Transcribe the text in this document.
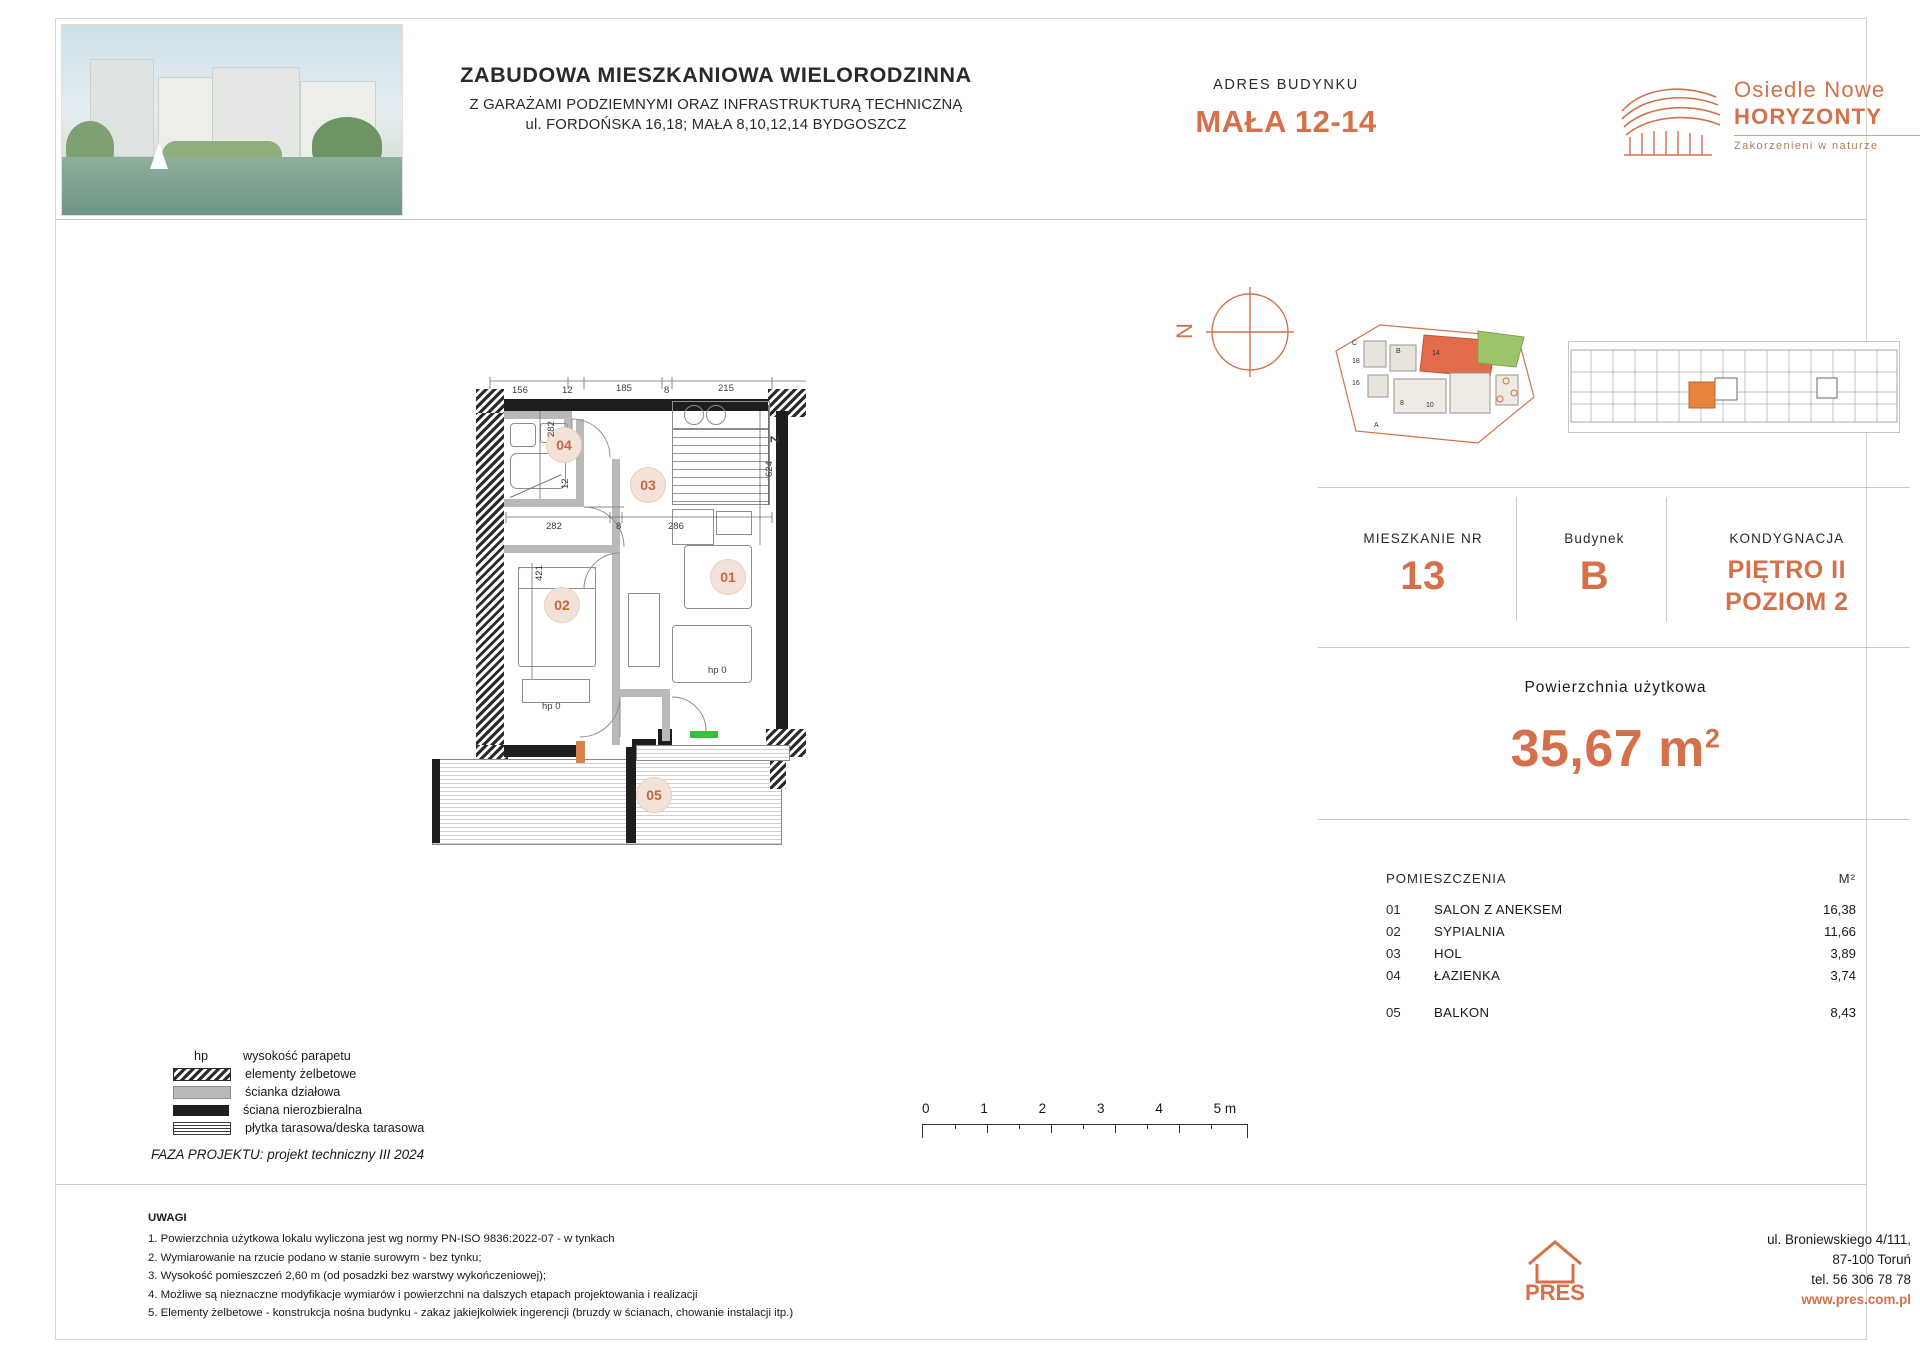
ZABUDOWA MIESZKANIOWA WIELORODZINNA
Z GARAŻAMI PODZIEMNYMI ORAZ INFRASTRUKTURĄ TECHNICZNĄ
ul. FORDOŃSKA 16,18; MAŁA 8,10,12,14 BYDGOSZCZ
ADRES BUDYNKU
MAŁA 12-14
Osiedle Nowe
HORYZONTY
Zakorzenieni w naturze
04
03
01
02
05
156	12	185	8	215
282
12
282	8	286
421
624
hp 0
hp 0
Z
N
C
18
16
B	14
8	10
A
MIESZKANIE NR
13
Budynek
B
KONDYGNACJA
PIĘTRO II
POZIOM 2
Powierzchnia użytkowa
35,67 $m^2$
POMIESZCZENIA	M²
01	SALON Z ANEKSEM	16,38
02	SYPIALNIA	11,66
03	HOL	3,89
04	ŁAZIENKA	3,74
05	BALKON	8,43
hp	wysokość parapetu
elementy żelbetowe
ścianka działowa
ściana nierozbieralna
płytka tarasowa/deska tarasowa
FAZA PROJEKTU: projekt techniczny III 2024
0	1	2	3	4	5 m
UWAGI
1. Powierzchnia użytkowa lokalu wyliczona jest wg normy PN-ISO 9836:2022-07 - w tynkach
2. Wymiarowanie na rzucie podano w stanie surowym - bez tynku;
3. Wysokość pomieszczeń 2,60 m (od posadzki bez warstwy wykończeniowej);
4. Możliwe są nieznaczne modyfikacje wymiarów i powierzchni na dalszych etapach projektowania i realizacji
5. Elementy żelbetowe - konstrukcja nośna budynku - zakaz jakiejkolwiek ingerencji (bruzdy w ścianach, chowanie instalacji itp.)
PRES
ul. Broniewskiego 4/111,
87-100 Toruń
tel. 56 306 78 78
www.pres.com.pl
